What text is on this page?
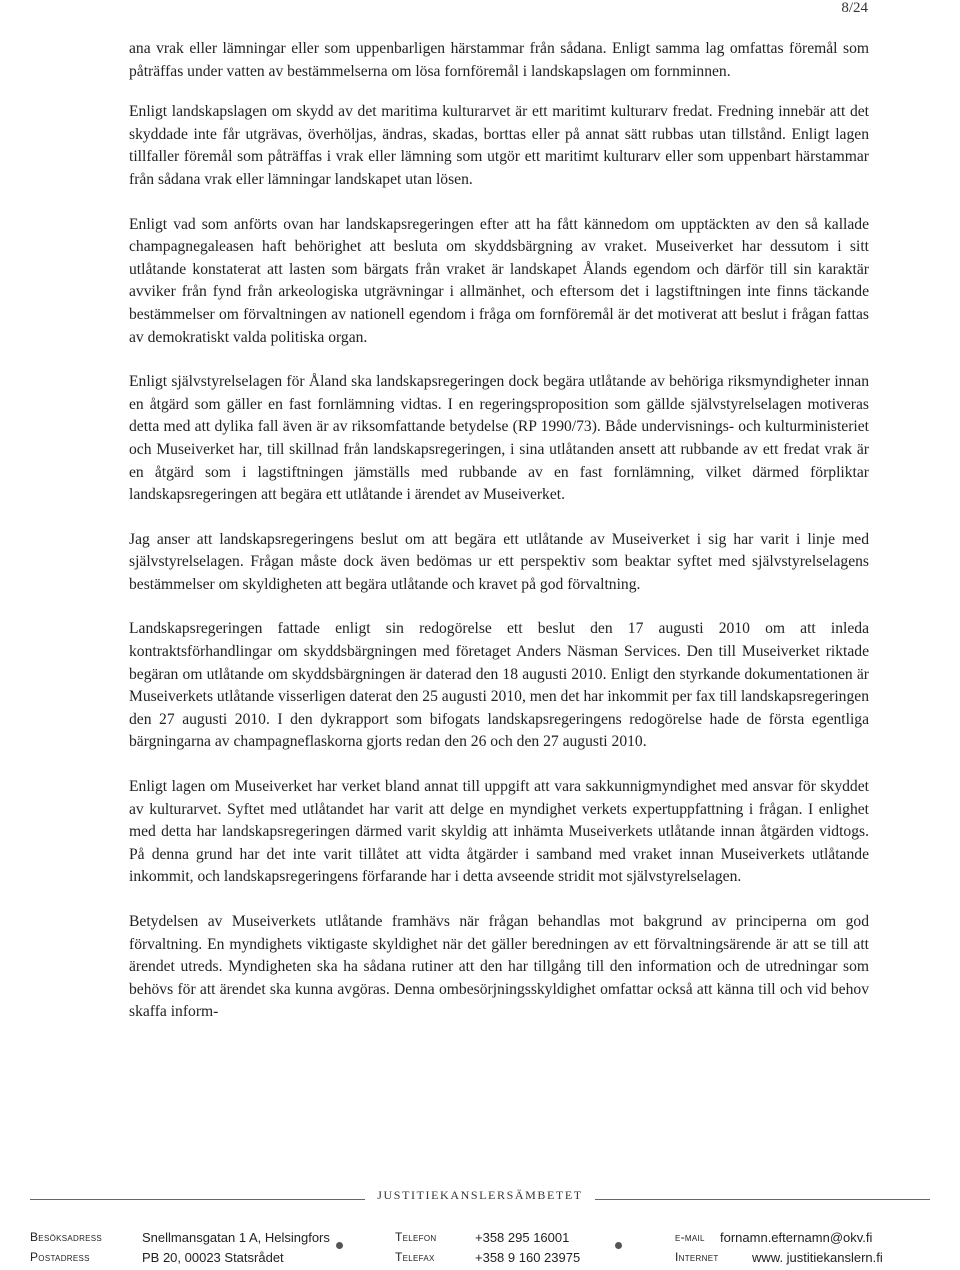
8/24

ana vrak eller lämningar eller som uppenbarligen härstammar från sådana. Enligt samma lag omfattas föremål som påträffas under vatten av bestämmelserna om lösa fornföremål i landskapslagen om fornminnen.

Enligt landskapslagen om skydd av det maritima kulturarvet är ett maritimt kulturarv fredat. Fredning innebär att det skyddade inte får utgrävas, överhöljas, ändras, skadas, borttas eller på annat sätt rubbas utan tillstånd. Enligt lagen tillfaller föremål som påträffas i vrak eller lämning som utgör ett maritimt kulturarv eller som uppenbart härstammar från sådana vrak eller lämningar landskapet utan lösen.

Enligt vad som anförts ovan har landskapsregeringen efter att ha fått kännedom om upptäckten av den så kallade champagnegaleasen haft behörighet att besluta om skyddsbärgning av vraket. Museiverket har dessutom i sitt utlåtande konstaterat att lasten som bärgats från vraket är landskapet Ålands egendom och därför till sin karaktär avviker från fynd från arkeologiska utgrävningar i allmänhet, och eftersom det i lagstiftningen inte finns täckande bestämmelser om förvaltningen av nationell egendom i fråga om fornföremål är det motiverat att beslut i frågan fattas av demokratiskt valda politiska organ.

Enligt självstyrelselagen för Åland ska landskapsregeringen dock begära utlåtande av behöriga riksmyndigheter innan en åtgärd som gäller en fast fornlämning vidtas. I en regeringsproposition som gällde självstyrelselagen motiveras detta med att dylika fall även är av riksomfattande betydelse (RP 1990/73). Både undervisnings- och kulturministeriet och Museiverket har, till skillnad från landskapsregeringen, i sina utlåtanden ansett att rubbande av ett fredat vrak är en åtgärd som i lagstiftningen jämställs med rubbande av en fast fornlämning, vilket därmed förpliktar landskapsregeringen att begära ett utlåtande i ärendet av Museiverket.

Jag anser att landskapsregeringens beslut om att begära ett utlåtande av Museiverket i sig har varit i linje med självstyrelselagen. Frågan måste dock även bedömas ur ett perspektiv som beaktar syftet med självstyrelselagens bestämmelser om skyldigheten att begära utlåtande och kravet på god förvaltning.

Landskapsregeringen fattade enligt sin redogörelse ett beslut den 17 augusti 2010 om att inleda kontraktsförhandlingar om skyddsbärgningen med företaget Anders Näsman Services. Den till Museiverket riktade begäran om utlåtande om skyddsbärgningen är daterad den 18 augusti 2010. Enligt den styrkande dokumentationen är Museiverkets utlåtande visserligen daterat den 25 augusti 2010, men det har inkommit per fax till landskapsregeringen den 27 augusti 2010. I den dykrapport som bifogats landskapsregeringens redogörelse hade de första egentliga bärgningarna av champagneflaskorna gjorts redan den 26 och den 27 augusti 2010.

Enligt lagen om Museiverket har verket bland annat till uppgift att vara sakkunnigmyndighet med ansvar för skyddet av kulturarvet. Syftet med utlåtandet har varit att delge en myndighet verkets expertuppfattning i frågan. I enlighet med detta har landskapsregeringen därmed varit skyldig att inhämta Museiverkets utlåtande innan åtgärden vidtogs. På denna grund har det inte varit tillåtet att vidta åtgärder i samband med vraket innan Museiverkets utlåtande inkommit, och landskapsregeringens förfarande har i detta avseende stridit mot självstyrelselagen.

Betydelsen av Museiverkets utlåtande framhävs när frågan behandlas mot bakgrund av principerna om god förvaltning. En myndighets viktigaste skyldighet när det gäller beredningen av ett förvaltningsärende är att se till att ärendet utreds. Myndigheten ska ha sådana rutiner att den har tillgång till den information och de utredningar som behövs för att ärendet ska kunna avgöras. Denna ombesörjningsskyldighet omfattar också att känna till och vid behov skaffa inform-

JUSTITIEKANSLERSÄMBETET
Besöksadress	Snellmansgatan 1 A, Helsingfors	Telefon	+358 295 16001	e-mail fornamn.efternamn@okv.fi
Postadress	PB 20, 00023 Statsrådet	Telefax	+358 9 160 23975	Internet	www. justitiekanslern.fi
